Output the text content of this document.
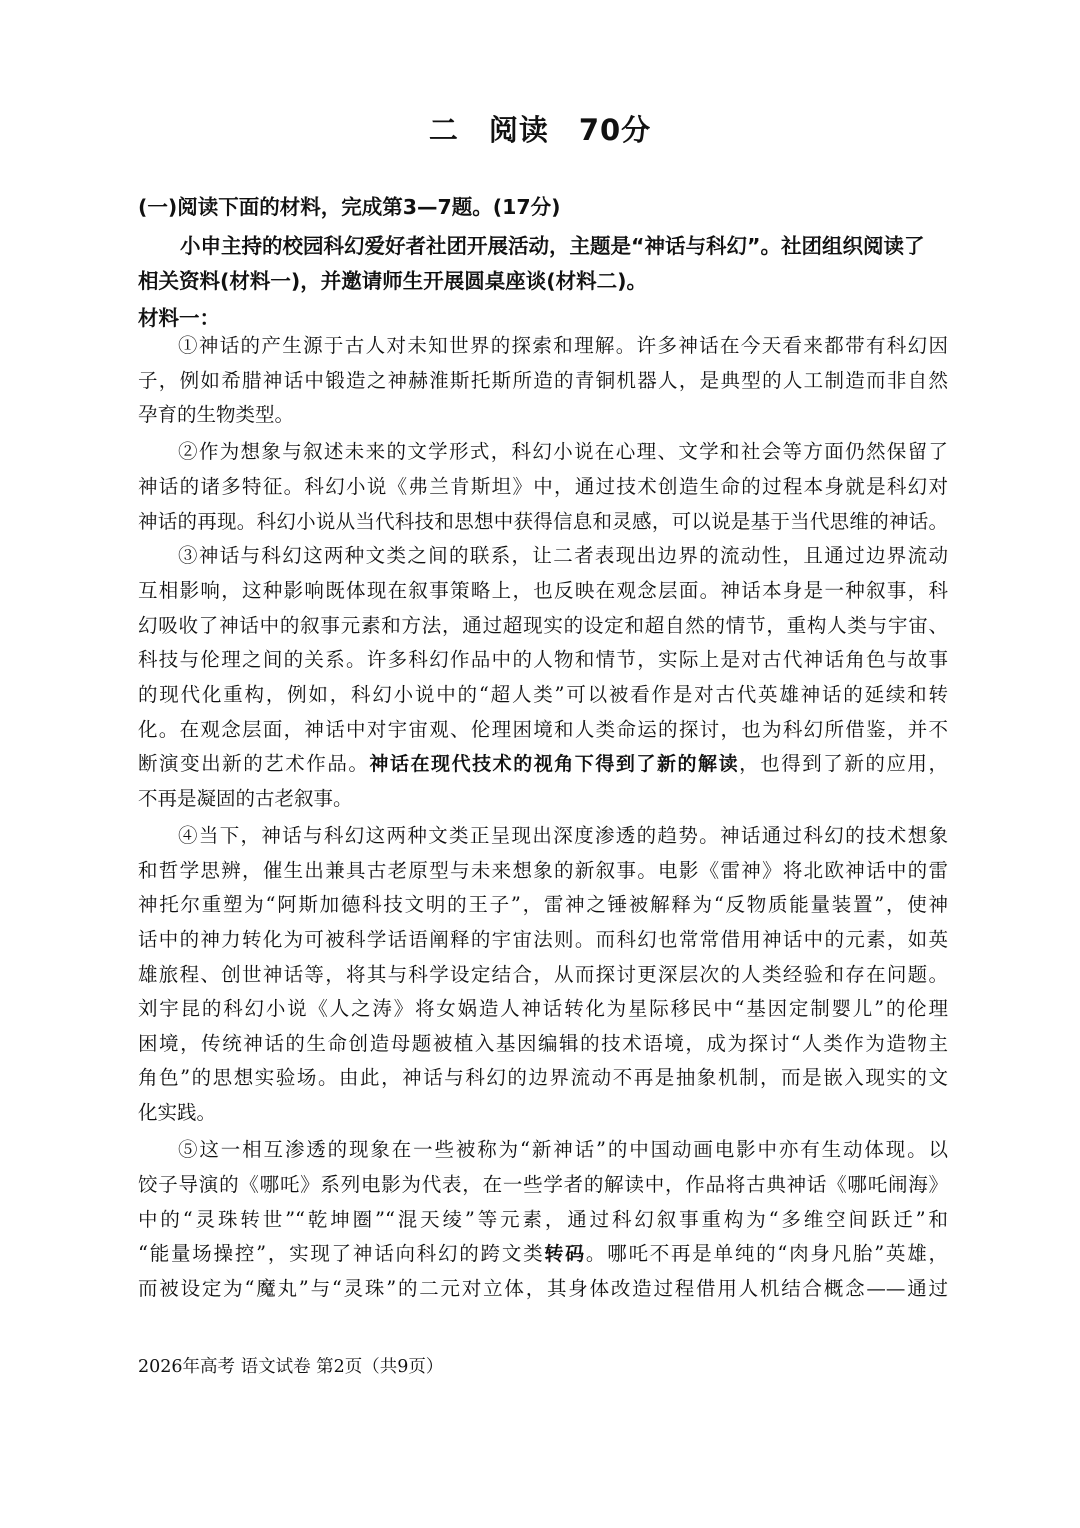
二　阅读　70分
(一)阅读下面的材料，完成第3—7题。(17分)
小申主持的校园科幻爱好者社团开展活动，主题是“神话与科幻”。社团组织阅读了
相关资料(材料一)，并邀请师生开展圆桌座谈(材料二)。
材料一：
①神话的产生源于古人对未知世界的探索和理解。许多神话在今天看来都带有科幻因
子，例如希腊神话中锻造之神赫淮斯托斯所造的青铜机器人，是典型的人工制造而非自然
孕育的生物类型。
②作为想象与叙述未来的文学形式，科幻小说在心理、文学和社会等方面仍然保留了
神话的诸多特征。科幻小说《弗兰肯斯坦》中，通过技术创造生命的过程本身就是科幻对
神话的再现。科幻小说从当代科技和思想中获得信息和灵感，可以说是基于当代思维的神话。
③神话与科幻这两种文类之间的联系，让二者表现出边界的流动性，且通过边界流动
互相影响，这种影响既体现在叙事策略上，也反映在观念层面。神话本身是一种叙事，科
幻吸收了神话中的叙事元素和方法，通过超现实的设定和超自然的情节，重构人类与宇宙、
科技与伦理之间的关系。许多科幻作品中的人物和情节，实际上是对古代神话角色与故事
的现代化重构，例如，科幻小说中的“超人类”可以被看作是对古代英雄神话的延续和转
化。在观念层面，神话中对宇宙观、伦理困境和人类命运的探讨，也为科幻所借鉴，并不
断演变出新的艺术作品。神话在现代技术的视角下得到了新的解读，也得到了新的应用，
不再是凝固的古老叙事。
④当下，神话与科幻这两种文类正呈现出深度渗透的趋势。神话通过科幻的技术想象
和哲学思辨，催生出兼具古老原型与未来想象的新叙事。电影《雷神》将北欧神话中的雷
神托尔重塑为“阿斯加德科技文明的王子”，雷神之锤被解释为“反物质能量装置”，使神
话中的神力转化为可被科学话语阐释的宇宙法则。而科幻也常常借用神话中的元素，如英
雄旅程、创世神话等，将其与科学设定结合，从而探讨更深层次的人类经验和存在问题。
刘宇昆的科幻小说《人之涛》将女娲造人神话转化为星际移民中“基因定制婴儿”的伦理
困境，传统神话的生命创造母题被植入基因编辑的技术语境，成为探讨“人类作为造物主
角色”的思想实验场。由此，神话与科幻的边界流动不再是抽象机制，而是嵌入现实的文
化实践。
⑤这一相互渗透的现象在一些被称为“新神话”的中国动画电影中亦有生动体现。以
饺子导演的《哪吒》系列电影为代表，在一些学者的解读中，作品将古典神话《哪吒闹海》
中的“灵珠转世”“乾坤圈”“混天绫”等元素，通过科幻叙事重构为“多维空间跃迁”和
“能量场操控”，实现了神话向科幻的跨文类转码。哪吒不再是单纯的“肉身凡胎”英雄，
而被设定为“魔丸”与“灵珠”的二元对立体，其身体改造过程借用人机结合概念——通过
2026年高考 语文试卷 第2页（共9页）
